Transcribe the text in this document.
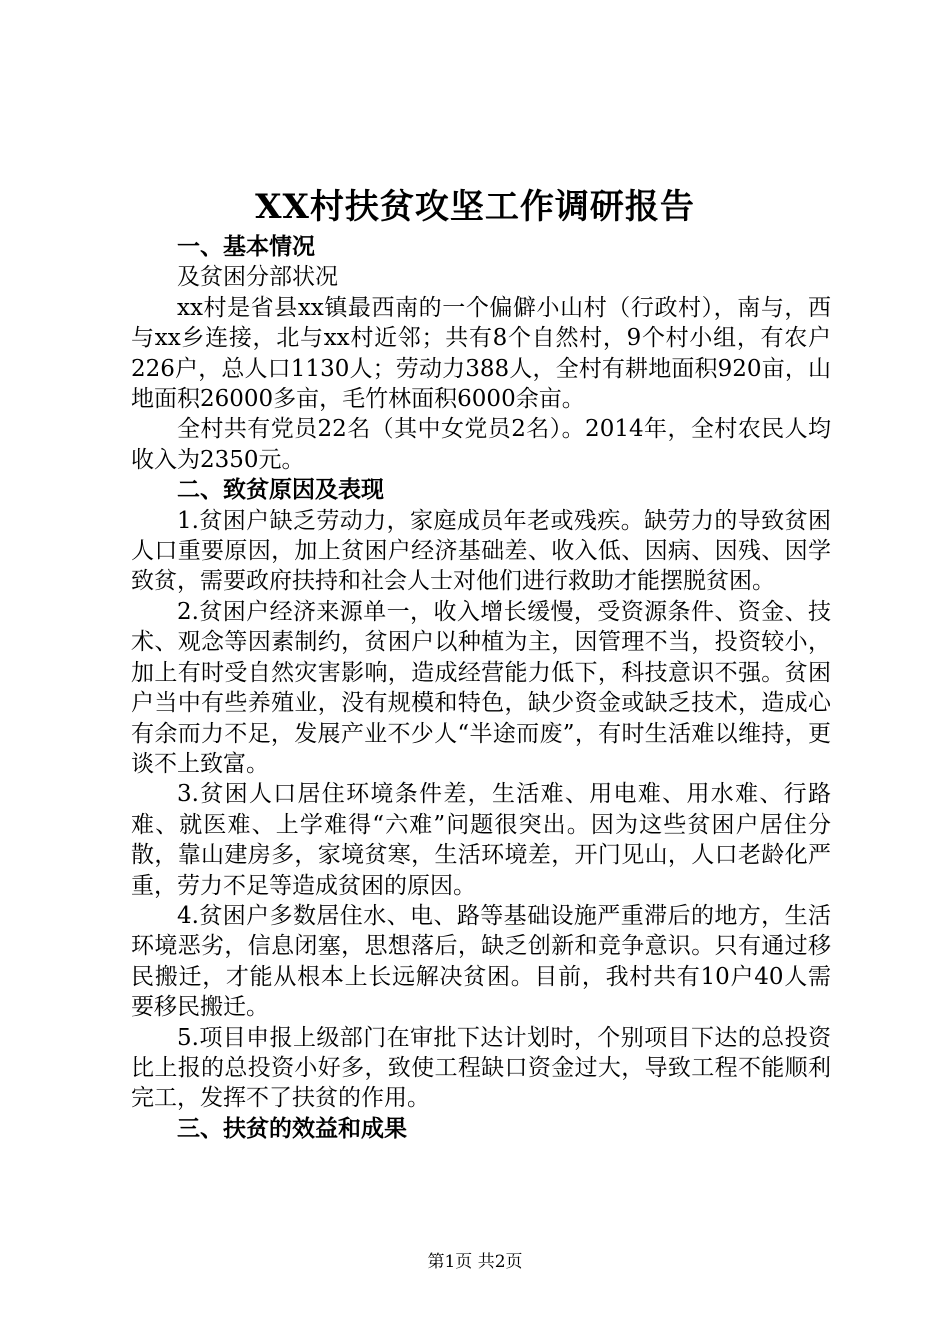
XX村扶贫攻坚工作调研报告
一、基本情况

及贫困分部状况

xx村是省县xx镇最西南的一个偏僻小山村（行政村），南与，西与xx乡连接，北与xx村近邻；共有8个自然村，9个村小组，有农户226户，总人口1130人；劳动力388人，全村有耕地面积920亩，山地面积26000多亩，毛竹林面积6000余亩。

全村共有党员22名（其中女党员2名）。2014年，全村农民人均收入为2350元。

二、致贫原因及表现

1.贫困户缺乏劳动力，家庭成员年老或残疾。缺劳力的导致贫困人口重要原因，加上贫困户经济基础差、收入低、因病、因残、因学致贫，需要政府扶持和社会人士对他们进行救助才能摆脱贫困。

2.贫困户经济来源单一，收入增长缓慢，受资源条件、资金、技术、观念等因素制约，贫困户以种植为主，因管理不当，投资较小，加上有时受自然灾害影响，造成经营能力低下，科技意识不强。贫困户当中有些养殖业，没有规模和特色，缺少资金或缺乏技术，造成心有余而力不足，发展产业不少人“半途而废”，有时生活难以维持，更谈不上致富。

3.贫困人口居住环境条件差，生活难、用电难、用水难、行路难、就医难、上学难得“六难”问题很突出。因为这些贫困户居住分散，靠山建房多，家境贫寒，生活环境差，开门见山，人口老龄化严重，劳力不足等造成贫困的原因。

4.贫困户多数居住水、电、路等基础设施严重滞后的地方，生活环境恶劣，信息闭塞，思想落后，缺乏创新和竞争意识。只有通过移民搬迁，才能从根本上长远解决贫困。目前，我村共有10户40人需要移民搬迁。

5.项目申报上级部门在审批下达计划时，个别项目下达的总投资比上报的总投资小好多，致使工程缺口资金过大，导致工程不能顺利完工，发挥不了扶贫的作用。

三、扶贫的效益和成果
第1页 共2页
